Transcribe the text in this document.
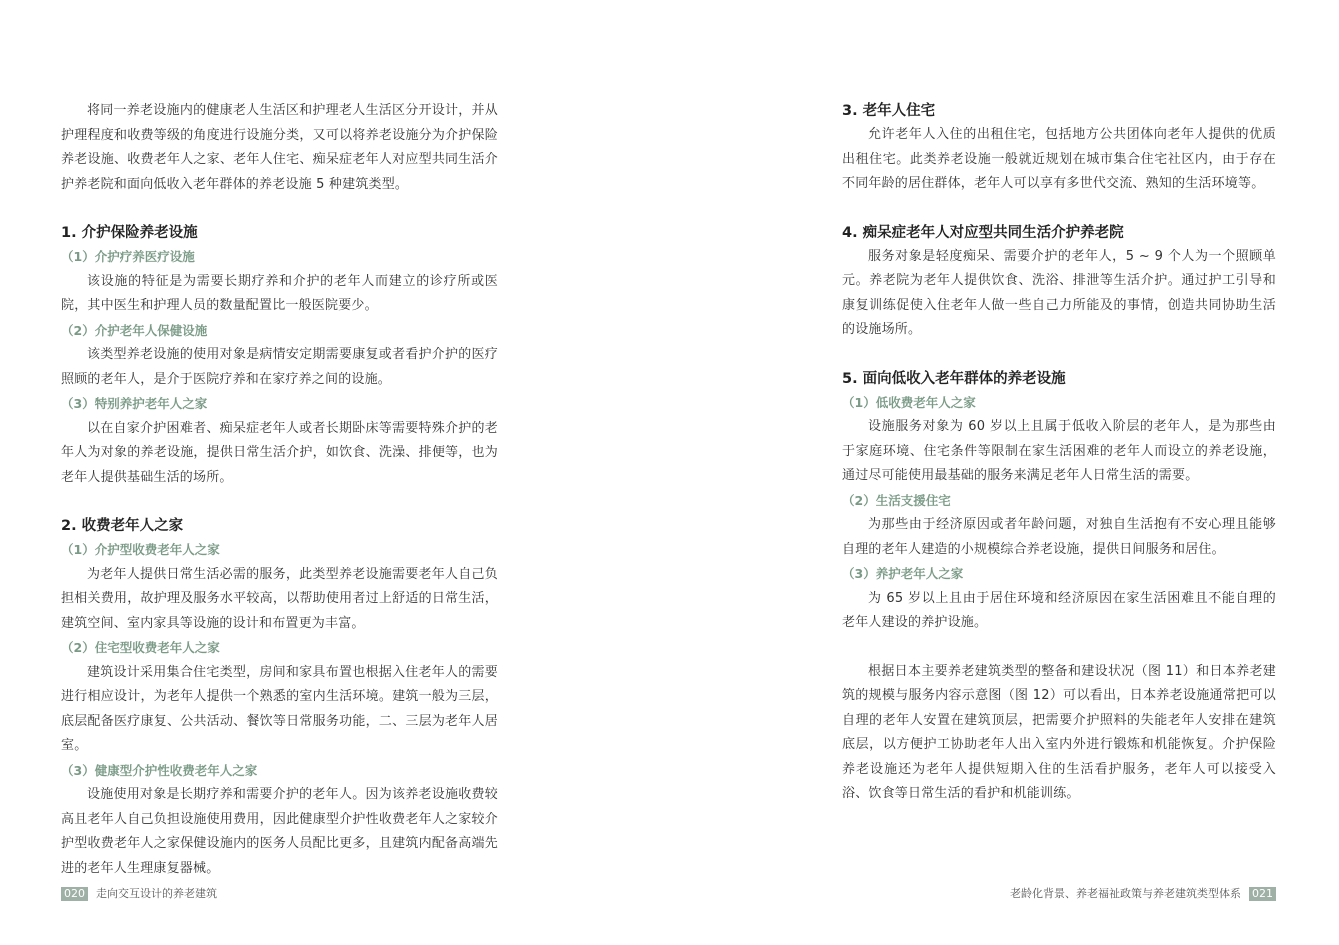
将同一养老设施内的健康老人生活区和护理老人生活区分开设计，并从护理程度和收费等级的角度进行设施分类，又可以将养老设施分为介护保险养老设施、收费老年人之家、老年人住宅、痴呆症老年人对应型共同生活介护养老院和面向低收入老年群体的养老设施 5 种建筑类型。

1. 介护保险养老设施

（1）介护疗养医疗设施

该设施的特征是为需要长期疗养和介护的老年人而建立的诊疗所或医院，其中医生和护理人员的数量配置比一般医院要少。

（2）介护老年人保健设施

该类型养老设施的使用对象是病情安定期需要康复或者看护介护的医疗照顾的老年人，是介于医院疗养和在家疗养之间的设施。

（3）特别养护老年人之家

以在自家介护困难者、痴呆症老年人或者长期卧床等需要特殊介护的老年人为对象的养老设施，提供日常生活介护，如饮食、洗澡、排便等，也为老年人提供基础生活的场所。

2. 收费老年人之家

（1）介护型收费老年人之家

为老年人提供日常生活必需的服务，此类型养老设施需要老年人自己负担相关费用，故护理及服务水平较高，以帮助使用者过上舒适的日常生活，建筑空间、室内家具等设施的设计和布置更为丰富。

（2）住宅型收费老年人之家

建筑设计采用集合住宅类型，房间和家具布置也根据入住老年人的需要进行相应设计，为老年人提供一个熟悉的室内生活环境。建筑一般为三层，底层配备医疗康复、公共活动、餐饮等日常服务功能，二、三层为老年人居室。

（3）健康型介护性收费老年人之家

设施使用对象是长期疗养和需要介护的老年人。因为该养老设施收费较高且老年人自己负担设施使用费用，因此健康型介护性收费老年人之家较介护型收费老年人之家保健设施内的医务人员配比更多，且建筑内配备高端先进的老年人生理康复器械。

020 走向交互设计的养老建筑

3. 老年人住宅

允许老年人入住的出租住宅，包括地方公共团体向老年人提供的优质出租住宅。此类养老设施一般就近规划在城市集合住宅社区内，由于存在不同年龄的居住群体，老年人可以享有多世代交流、熟知的生活环境等。

4. 痴呆症老年人对应型共同生活介护养老院

服务对象是轻度痴呆、需要介护的老年人，5 ~ 9 个人为一个照顾单元。养老院为老年人提供饮食、洗浴、排泄等生活介护。通过护工引导和康复训练促使入住老年人做一些自己力所能及的事情，创造共同协助生活的设施场所。

5. 面向低收入老年群体的养老设施

（1）低收费老年人之家

设施服务对象为 60 岁以上且属于低收入阶层的老年人，是为那些由于家庭环境、住宅条件等限制在家生活困难的老年人而设立的养老设施，通过尽可能使用最基础的服务来满足老年人日常生活的需要。

（2）生活支援住宅

为那些由于经济原因或者年龄问题，对独自生活抱有不安心理且能够自理的老年人建造的小规模综合养老设施，提供日间服务和居住。

（3）养护老年人之家

为 65 岁以上且由于居住环境和经济原因在家生活困难且不能自理的老年人建设的养护设施。

根据日本主要养老建筑类型的整备和建设状况（图 11）和日本养老建筑的规模与服务内容示意图（图 12）可以看出，日本养老设施通常把可以自理的老年人安置在建筑顶层，把需要介护照料的失能老年人安排在建筑底层，以方便护工协助老年人出入室内外进行锻炼和机能恢复。介护保险养老设施还为老年人提供短期入住的生活看护服务，老年人可以接受入浴、饮食等日常生活的看护和机能训练。

老龄化背景、养老福祉政策与养老建筑类型体系 021
